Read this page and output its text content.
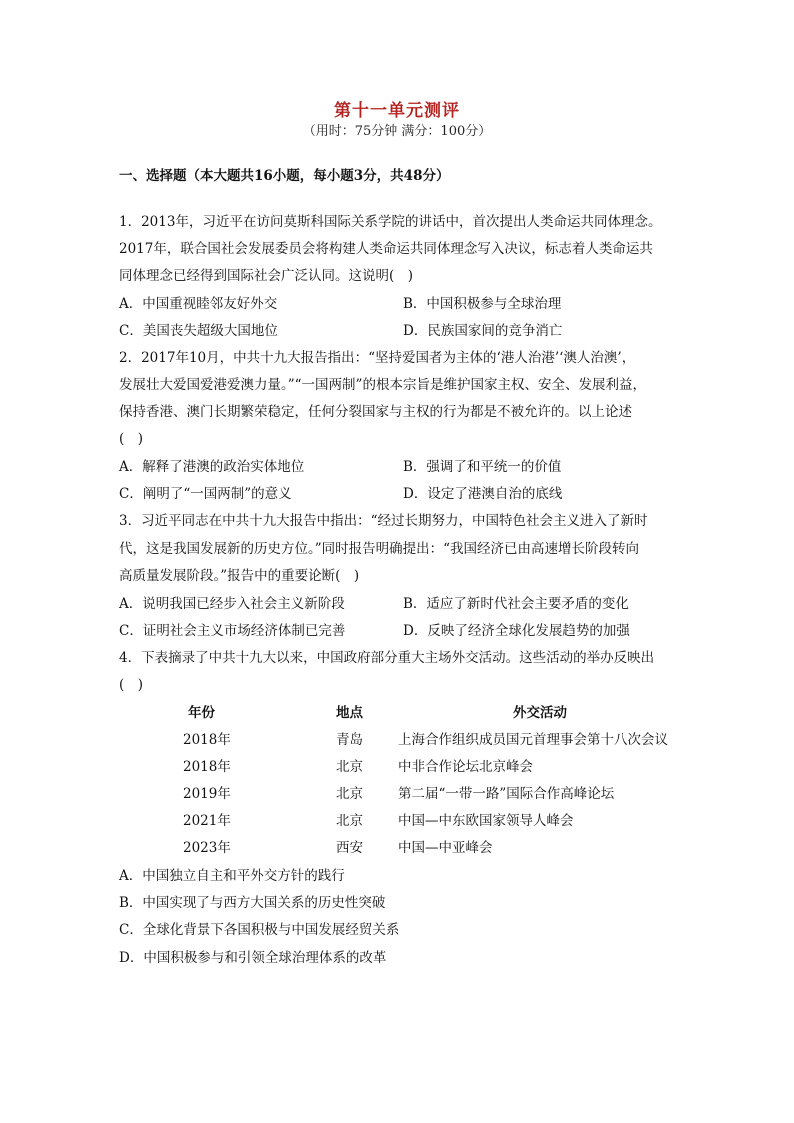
第十一单元测评
（用时：75分钟 满分：100分）
一、选择题（本大题共16小题，每小题3分，共48分）
1．2013年，习近平在访问莫斯科国际关系学院的讲话中，首次提出人类命运共同体理念。
2017年，联合国社会发展委员会将构建人类命运共同体理念写入决议，标志着人类命运共
同体理念已经得到国际社会广泛认同。这说明(　)
A．中国重视睦邻友好外交	B．中国积极参与全球治理
C．美国丧失超级大国地位	D．民族国家间的竞争消亡
2．2017年10月，中共十九大报告指出：“坚持爱国者为主体的‘港人治港’‘澳人治澳’，
发展壮大爱国爱港爱澳力量。”“一国两制”的根本宗旨是维护国家主权、安全、发展利益，
保持香港、澳门长期繁荣稳定，任何分裂国家与主权的行为都是不被允许的。以上论述
(　)
A．解释了港澳的政治实体地位	B．强调了和平统一的价值
C．阐明了“一国两制”的意义	D．设定了港澳自治的底线
3．习近平同志在中共十九大报告中指出：“经过长期努力，中国特色社会主义进入了新时
代，这是我国发展新的历史方位。”同时报告明确提出：“我国经济已由高速增长阶段转向
高质量发展阶段。”报告中的重要论断(　)
A．说明我国已经步入社会主义新阶段	B．适应了新时代社会主要矛盾的变化
C．证明社会主义市场经济体制已完善	D．反映了经济全球化发展趋势的加强
4．下表摘录了中共十九大以来，中国政府部分重大主场外交活动。这些活动的举办反映出
(　)
年份	地点	外交活动
2018年	青岛	上海合作组织成员国元首理事会第十八次会议
2018年	北京	中非合作论坛北京峰会
2019年	北京	第二届“一带一路”国际合作高峰论坛
2021年	北京	中国—中东欧国家领导人峰会
2023年	西安	中国—中亚峰会
A．中国独立自主和平外交方针的践行
B．中国实现了与西方大国关系的历史性突破
C．全球化背景下各国积极与中国发展经贸关系
D．中国积极参与和引领全球治理体系的改革
